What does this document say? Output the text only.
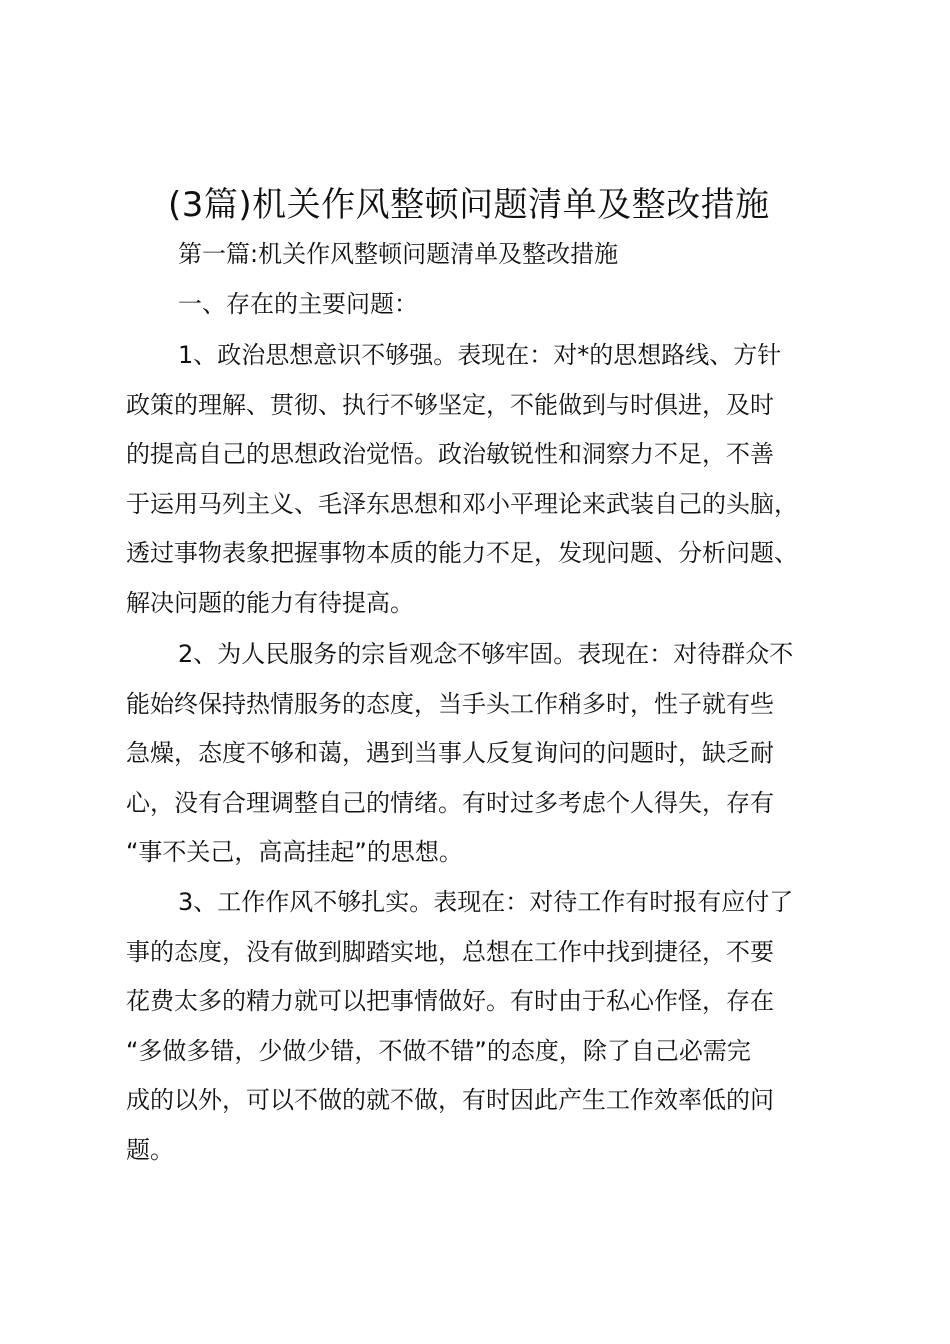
(3篇)机关作风整顿问题清单及整改措施
第一篇:机关作风整顿问题清单及整改措施
一、存在的主要问题：
1、政治思想意识不够强。表现在：对*的思想路线、方针
政策的理解、贯彻、执行不够坚定，不能做到与时俱进，及时
的提高自己的思想政治觉悟。政治敏锐性和洞察力不足，不善
于运用马列主义、毛泽东思想和邓小平理论来武装自己的头脑，
透过事物表象把握事物本质的能力不足，发现问题、分析问题、
解决问题的能力有待提高。
2、为人民服务的宗旨观念不够牢固。表现在：对待群众不
能始终保持热情服务的态度，当手头工作稍多时，性子就有些
急燥，态度不够和蔼，遇到当事人反复询问的问题时，缺乏耐
心，没有合理调整自己的情绪。有时过多考虑个人得失，存有
“事不关己，高高挂起”的思想。
3、工作作风不够扎实。表现在：对待工作有时报有应付了
事的态度，没有做到脚踏实地，总想在工作中找到捷径，不要
花费太多的精力就可以把事情做好。有时由于私心作怪，存在
“多做多错，少做少错，不做不错”的态度，除了自己必需完
成的以外，可以不做的就不做，有时因此产生工作效率低的问
题。
